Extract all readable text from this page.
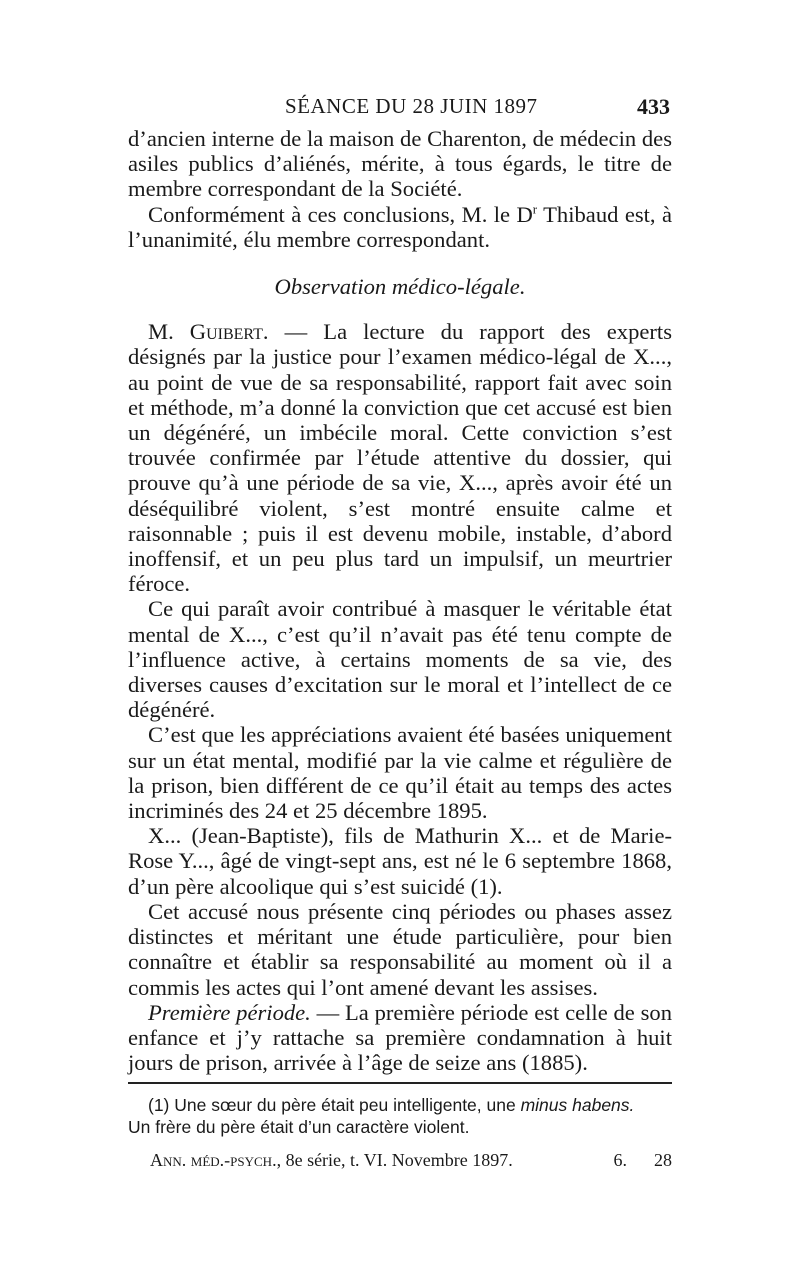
SÉANCE DU 28 JUIN 1897	433

d’ancien interne de la maison de Charenton, de médecin des asiles publics d’aliénés, mérite, à tous égards, le titre de membre correspondant de la Société.

Conformément à ces conclusions, M. le $D^r$ Thibaud est, à l’unanimité, élu membre correspondant.

Observation médico-légale.

M. Guibert. — La lecture du rapport des experts désignés par la justice pour l’examen médico-légal de X..., au point de vue de sa responsabilité, rapport fait avec soin et méthode, m’a donné la conviction que cet accusé est bien un dégénéré, un imbécile moral. Cette conviction s’est trouvée confirmée par l’étude attentive du dossier, qui prouve qu’à une période de sa vie, X..., après avoir été un déséquilibré violent, s’est montré ensuite calme et raisonnable ; puis il est devenu mobile, instable, d’abord inoffensif, et un peu plus tard un impulsif, un meurtrier féroce.

Ce qui paraît avoir contribué à masquer le véritable état mental de X..., c’est qu’il n’avait pas été tenu compte de l’influence active, à certains moments de sa vie, des diverses causes d’excitation sur le moral et l’intellect de ce dégénéré.

C’est que les appréciations avaient été basées uniquement sur un état mental, modifié par la vie calme et régulière de la prison, bien différent de ce qu’il était au temps des actes incriminés des 24 et 25 décembre 1895.

X... (Jean-Baptiste), fils de Mathurin X... et de Marie-Rose Y..., âgé de vingt-sept ans, est né le 6 septembre 1868, d’un père alcoolique qui s’est suicidé (1).

Cet accusé nous présente cinq périodes ou phases assez distinctes et méritant une étude particulière, pour bien connaître et établir sa responsabilité au moment où il a commis les actes qui l’ont amené devant les assises.

Première période. — La première période est celle de son enfance et j’y rattache sa première condamnation à huit jours de prison, arrivée à l’âge de seize ans (1885).

(1) Une sœur du père était peu intelligente, une minus habens.

Un frère du père était d’un caractère violent.

Ann. méd.-psych., 8e série, t. VI. Novembre 1897.	6. 28
